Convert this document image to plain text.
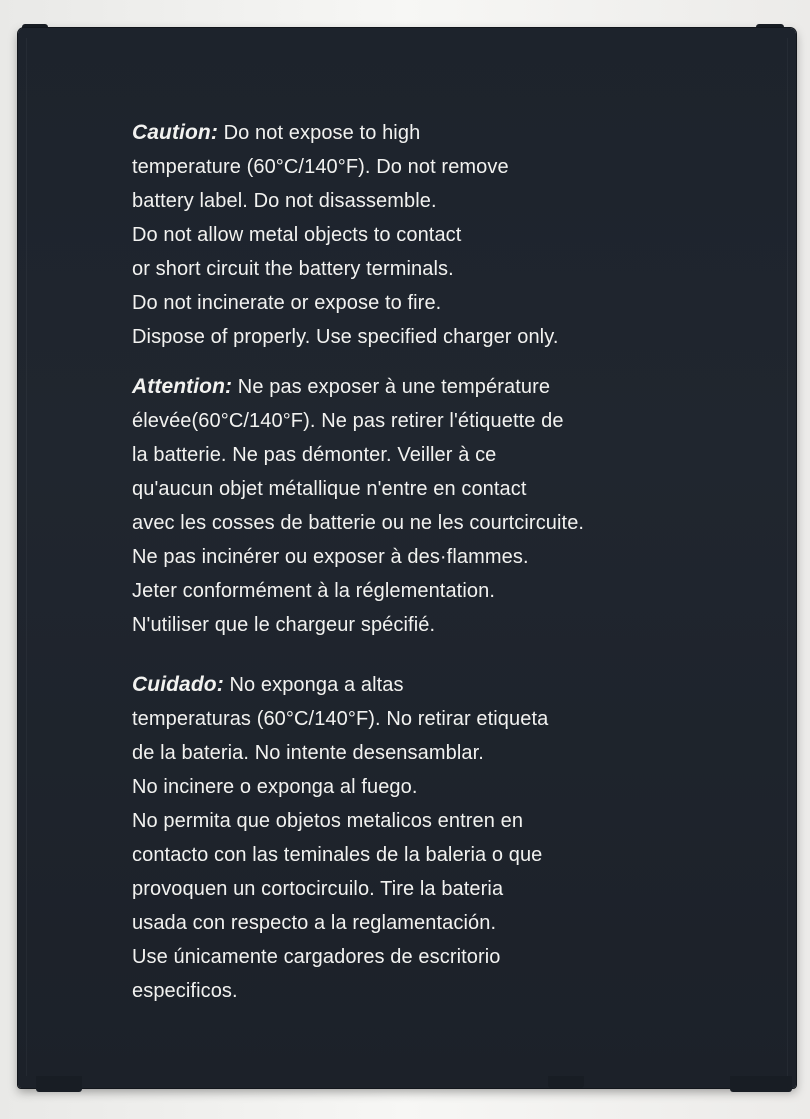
Caution: Do not expose to high

temperature (60°C/140°F). Do not remove

battery label. Do not disassemble.

Do not allow metal objects to contact

or short circuit the battery terminals.

Do not incinerate or expose to fire.

Dispose of properly. Use specified charger only.

Attention: Ne pas exposer à une température

élevée(60°C/140°F). Ne pas retirer l'étiquette de

la batterie. Ne pas démonter. Veiller à ce

qu'aucun objet métallique n'entre en contact

avec les cosses de batterie ou ne les courtcircuite.

Ne pas incinérer ou exposer à des·flammes.

Jeter conformément à la réglementation.

N'utiliser que le chargeur spécifié.

Cuidado: No exponga a altas

temperaturas (60°C/140°F). No retirar etiqueta

de la bateria. No intente desensamblar.

No incinere o exponga al fuego.

No permita que objetos metalicos entren en

contacto con las teminales de la baleria o que

provoquen un cortocircuilo. Tire la bateria

usada con respecto a la reglamentación.

Use únicamente cargadores de escritorio

especificos.
